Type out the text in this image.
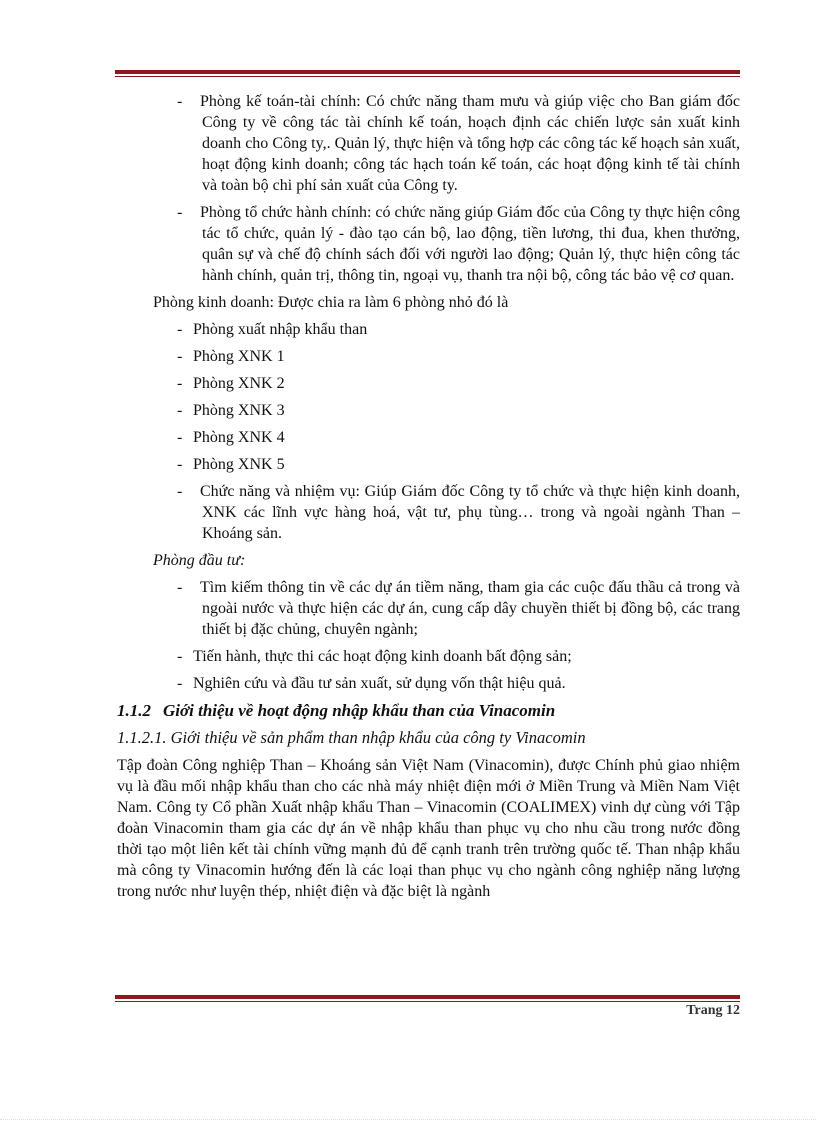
-	Phòng kế toán-tài chính: Có chức năng tham mưu và giúp việc cho Ban giám đốc Công ty về công tác tài chính kế toán, hoạch định các chiến lược sản xuất kinh doanh cho Công ty,. Quản lý, thực hiện và tổng hợp các công tác kế hoạch sản xuất, hoạt động kinh doanh; công tác hạch toán kế toán, các hoạt động kinh tế tài chính và toàn bộ chi phí sản xuất của Công ty.
-	Phòng tổ chức hành chính: có chức năng giúp Giám đốc của Công ty thực hiện công tác tổ chức, quản lý - đào tạo cán bộ, lao động, tiền lương, thi đua, khen thưởng, quân sự và chế độ chính sách đối với người lao động; Quản lý, thực hiện công tác hành chính, quản trị, thông tin, ngoại vụ, thanh tra nội bộ, công tác bảo vệ cơ quan.

Phòng kinh doanh: Được chia ra làm 6 phòng nhỏ đó là

- Phòng xuất nhập khẩu than
- Phòng XNK 1
- Phòng XNK 2
- Phòng XNK 3
- Phòng XNK 4
- Phòng XNK 5
-	Chức năng và nhiệm vụ: Giúp Giám đốc Công ty tổ chức và thực hiện kinh doanh, XNK các lĩnh vực hàng hoá, vật tư, phụ tùng… trong và ngoài ngành Than – Khoáng sản.

Phòng đầu tư:

-	Tìm kiếm thông tin về các dự án tiềm năng, tham gia các cuộc đấu thầu cả trong và ngoài nước và thực hiện các dự án, cung cấp dây chuyền thiết bị đồng bộ, các trang thiết bị đặc chủng, chuyên ngành;
- Tiến hành, thực thi các hoạt động kinh doanh bất động sản;
- Nghiên cứu và đầu tư sản xuất, sử dụng vốn thật hiệu quả.
1.1.2 Giới thiệu về hoạt động nhập khẩu than của Vinacomin
1.1.2.1. Giới thiệu về sản phẩm than nhập khẩu của công ty Vinacomin

Tập đoàn Công nghiệp Than – Khoáng sản Việt Nam (Vinacomin), được Chính phủ giao nhiệm vụ là đầu mối nhập khẩu than cho các nhà máy nhiệt điện mới ở Miền Trung và Miền Nam Việt Nam. Công ty Cổ phần Xuất nhập khẩu Than – Vinacomin (COALIMEX) vinh dự cùng với Tập đoàn Vinacomin tham gia các dự án về nhập khẩu than phục vụ cho nhu cầu trong nước đồng thời tạo một liên kết tài chính vững mạnh đủ để cạnh tranh trên trường quốc tế. Than nhập khẩu mà công ty Vinacomin hướng đến là các loại than phục vụ cho ngành công nghiệp năng lượng trong nước như luyện thép, nhiệt điện và đặc biệt là ngành

Trang 12
